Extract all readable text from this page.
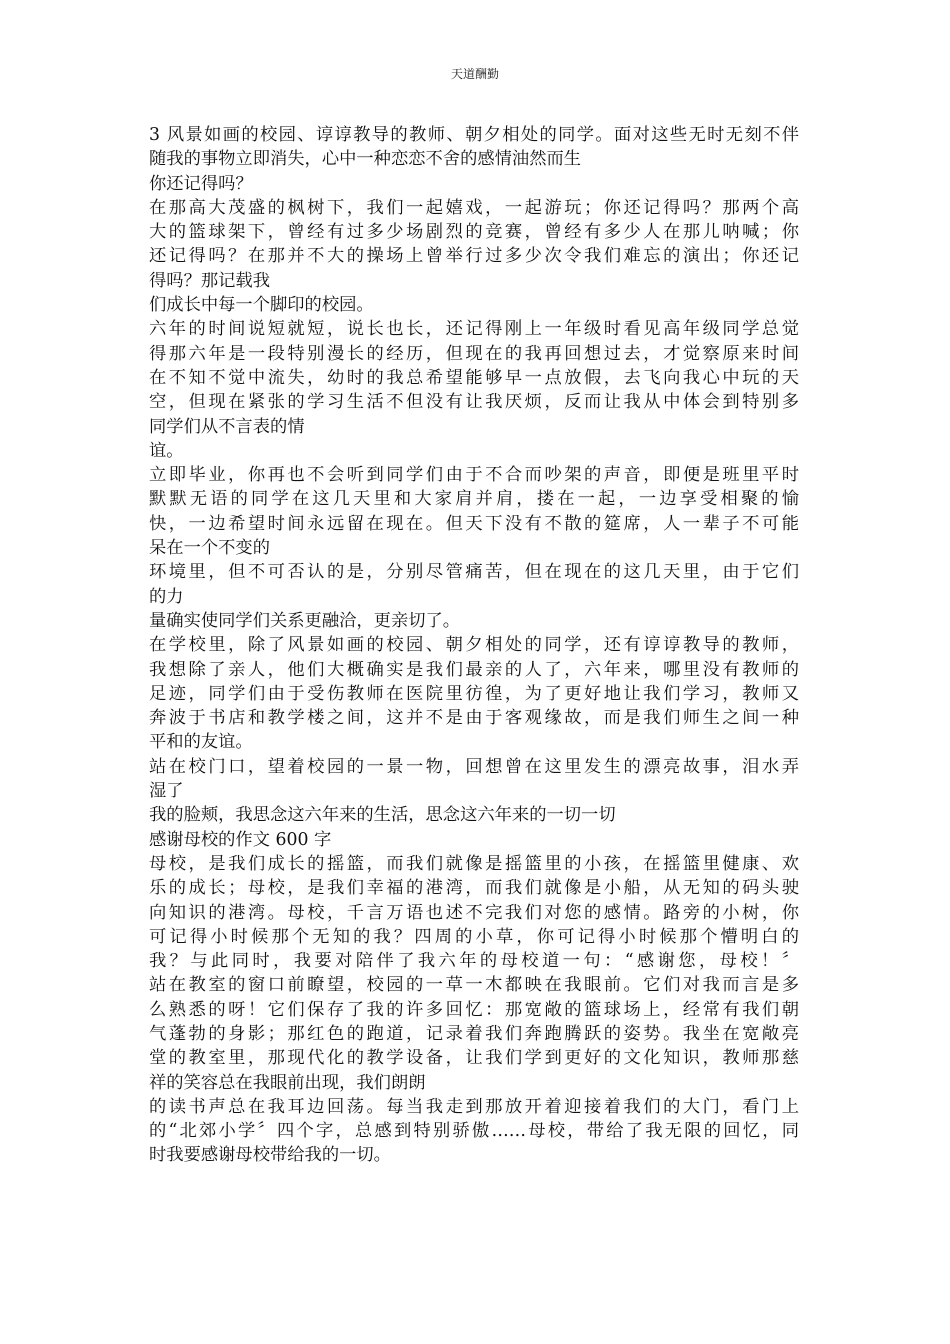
天道酬勤
3 风景如画的校园、谆谆教导的教师、朝夕相处的同学。面对这些无时无刻不伴
随我的事物立即消失，心中一种恋恋不舍的感情油然而生
你还记得吗？
在那高大茂盛的枫树下，我们一起嬉戏，一起游玩；你还记得吗？那两个高
大的篮球架下，曾经有过多少场剧烈的竞赛，曾经有多少人在那儿呐喊；你
还记得吗？在那并不大的操场上曾举行过多少次令我们难忘的演出；你还记
得吗？那记载我
们成长中每一个脚印的校园。
六年的时间说短就短，说长也长，还记得刚上一年级时看见高年级同学总觉
得那六年是一段特别漫长的经历，但现在的我再回想过去，才觉察原来时间
在不知不觉中流失，幼时的我总希望能够早一点放假，去飞向我心中玩的天
空，但现在紧张的学习生活不但没有让我厌烦，反而让我从中体会到特别多
同学们从不言表的情
谊。
立即毕业，你再也不会听到同学们由于不合而吵架的声音，即便是班里平时
默默无语的同学在这几天里和大家肩并肩，搂在一起，一边享受相聚的愉
快，一边希望时间永远留在现在。但天下没有不散的筵席，人一辈子不可能
呆在一个不变的
环境里，但不可否认的是，分别尽管痛苦，但在现在的这几天里，由于它们
的力
量确实使同学们关系更融洽，更亲切了。
在学校里，除了风景如画的校园、朝夕相处的同学，还有谆谆教导的教师，
我想除了亲人，他们大概确实是我们最亲的人了，六年来，哪里没有教师的
足迹，同学们由于受伤教师在医院里彷徨，为了更好地让我们学习，教师又
奔波于书店和教学楼之间，这并不是由于客观缘故，而是我们师生之间一种
平和的友谊。
站在校门口，望着校园的一景一物，回想曾在这里发生的漂亮故事，泪水弄
湿了
我的脸颊，我思念这六年来的生活，思念这六年来的一切一切
感谢母校的作文 600 字
母校，是我们成长的摇篮，而我们就像是摇篮里的小孩，在摇篮里健康、欢
乐的成长；母校，是我们幸福的港湾，而我们就像是小船，从无知的码头驶
向知识的港湾。母校，千言万语也述不完我们对您的感情。路旁的小树，你
可记得小时候那个无知的我？四周的小草，你可记得小时候那个懵明白的
我？与此同时，我要对陪伴了我六年的母校道一句：“感谢您，母校！〞
站在教室的窗口前瞭望，校园的一草一木都映在我眼前。它们对我而言是多
么熟悉的呀！它们保存了我的许多回忆：那宽敞的篮球场上，经常有我们朝
气蓬勃的身影；那红色的跑道，记录着我们奔跑腾跃的姿势。我坐在宽敞亮
堂的教室里，那现代化的教学设备，让我们学到更好的文化知识，教师那慈
祥的笑容总在我眼前出现，我们朗朗
的读书声总在我耳边回荡。每当我走到那放开着迎接着我们的大门，看门上
的“北郊小学〞四个字，总感到特别骄傲……母校，带给了我无限的回忆，同
时我要感谢母校带给我的一切。
